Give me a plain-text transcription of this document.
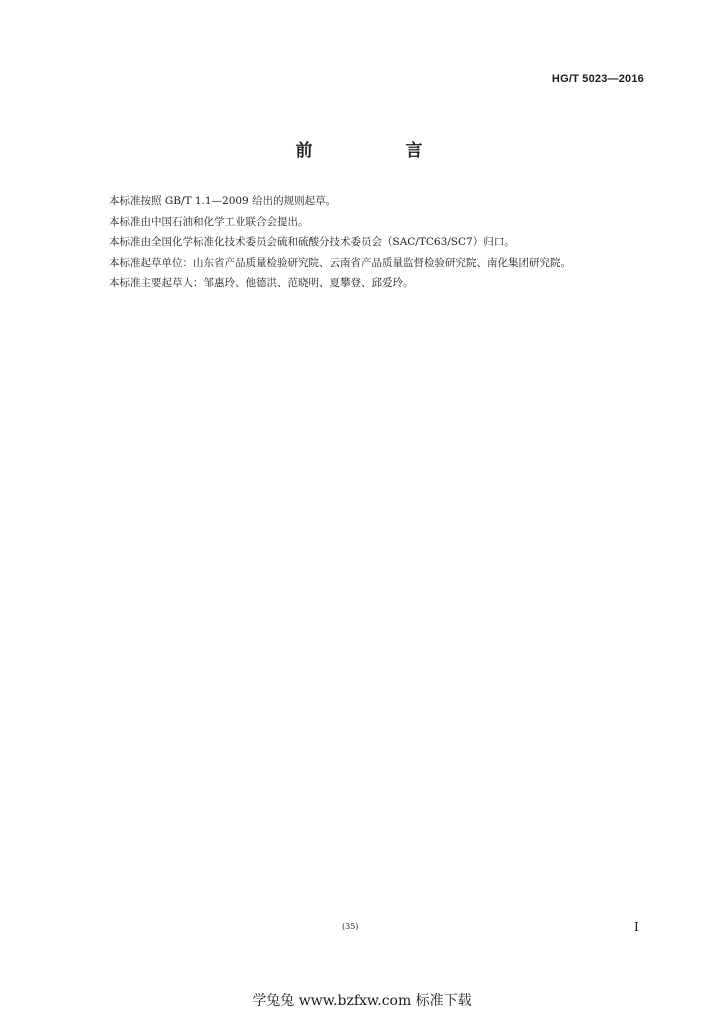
HG/T 5023—2016
前　言

本标准按照 GB/T 1.1—2009 给出的规则起草。

本标准由中国石油和化学工业联合会提出。

本标准由全国化学标准化技术委员会硫和硫酸分技术委员会（SAC/TC63/SC7）归口。

本标准起草单位：山东省产品质量检验研究院、云南省产品质量监督检验研究院、南化集团研究院。

本标准主要起草人：邹惠玲、他德洪、范晓明、夏攀登、邱爱玲。

(35)	I
学兔兔 www.bzfxw.com 标准下载
